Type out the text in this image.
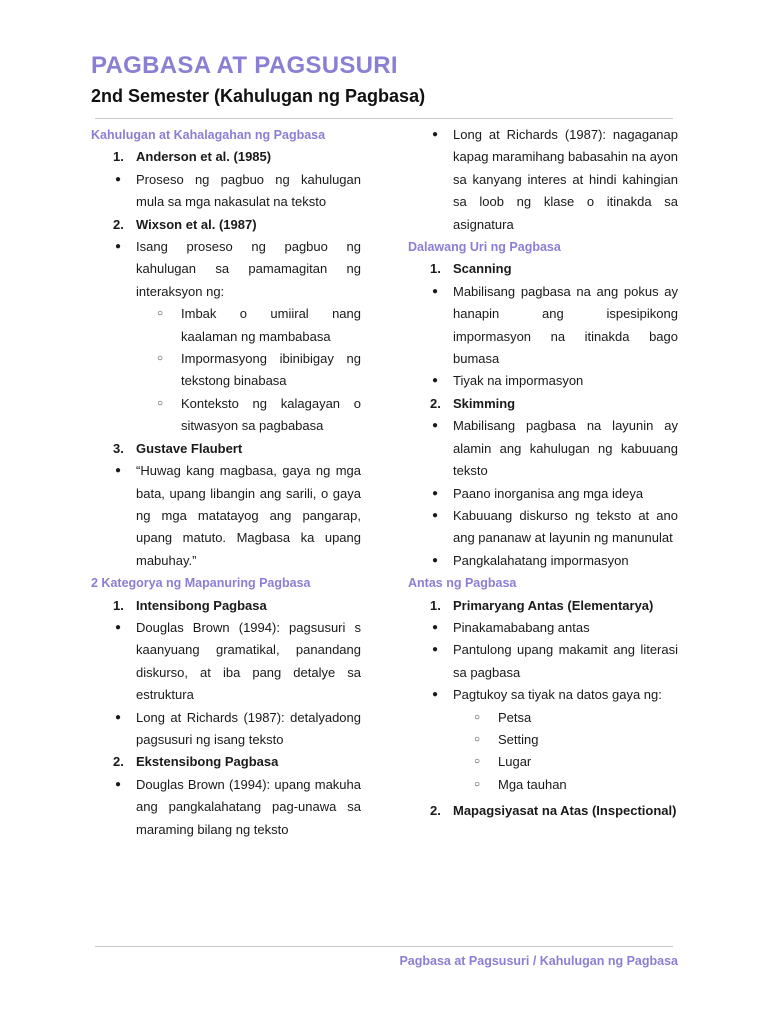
PAGBASA AT PAGSUSURI
2nd Semester (Kahulugan ng Pagbasa)
Kahulugan at Kahalagahan ng Pagbasa
1. Anderson et al. (1985)
● Proseso ng pagbuo ng kahulugan mula sa mga nakasulat na teksto
2. Wixson et al. (1987)
● Isang proseso ng pagbuo ng kahulugan sa pamamagitan ng interaksyon ng:
○ Imbak o umiiral nang kaalaman ng mambabasa
○ Impormasyong ibinibigay ng tekstong binabasa
○ Konteksto ng kalagayan o sitwasyon sa pagbabasa
3. Gustave Flaubert
● “Huwag kang magbasa, gaya ng mga bata, upang libangin ang sarili, o gaya ng mga matatayog ang pangarap, upang matuto. Magbasa ka upang mabuhay.”
2 Kategorya ng Mapanuring Pagbasa
1. Intensibong Pagbasa
● Douglas Brown (1994): pagsusuri s kaanyuang gramatikal, panandang diskurso, at iba pang detalye sa estruktura
● Long at Richards (1987): detalyadong pagsusuri ng isang teksto
2. Ekstensibong Pagbasa
● Douglas Brown (1994): upang makuha ang pangkalahatang pag-unawa sa maraming bilang ng teksto
● Long at Richards (1987): nagaganap kapag maramihang babasahin na ayon sa kanyang interes at hindi kahingian sa loob ng klase o itinakda sa asignatura
Dalawang Uri ng Pagbasa
1. Scanning
● Mabilisang pagbasa na ang pokus ay hanapin ang ispesipikong impormasyon na itinakda bago bumasa
● Tiyak na impormasyon
2. Skimming
● Mabilisang pagbasa na layunin ay alamin ang kahulugan ng kabuuang teksto
● Paano inorganisa ang mga ideya
● Kabuuang diskurso ng teksto at ano ang pananaw at layunin ng manunulat
● Pangkalahatang impormasyon
Antas ng Pagbasa
1. Primaryang Antas (Elementarya)
● Pinakamababang antas
● Pantulong upang makamit ang literasi sa pagbasa
● Pagtukoy sa tiyak na datos gaya ng:
○ Petsa
○ Setting
○ Lugar
○ Mga tauhan
2. Mapagsiyasat na Atas (Inspectional)
Pagbasa at Pagsusuri / Kahulugan ng Pagbasa
